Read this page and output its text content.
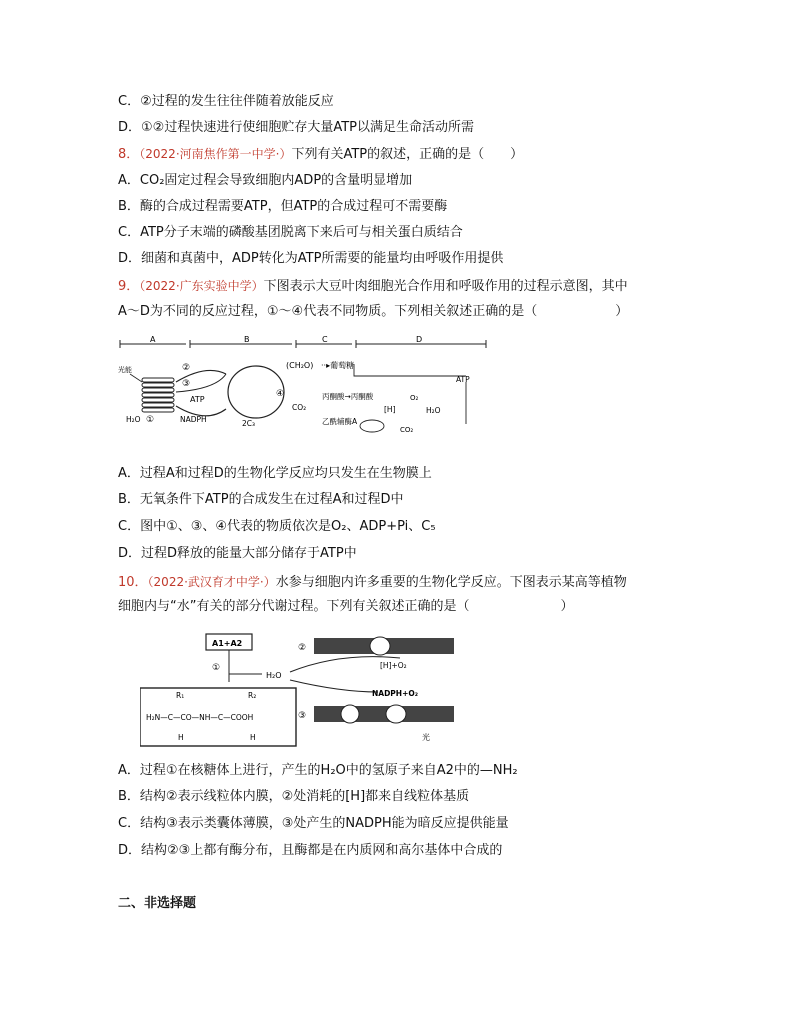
C．②过程的发生往往伴随着放能反应
D．①②过程快速进行使细胞贮存大量ATP以满足生命活动所需
8．（2022·河南焦作第一中学·）下列有关ATP的叙述，正确的是（　　）
A．CO₂固定过程会导致细胞内ADP的含量明显增加
B．酶的合成过程需要ATP，但ATP的合成过程可不需要酶
C．ATP分子末端的磷酸基团脱离下来后可与相关蛋白质结合
D．细菌和真菌中，ADP转化为ATP所需要的能量均由呼吸作用提供
9．（2022·广东实验中学）下图表示大豆叶肉细胞光合作用和呼吸作用的过程示意图，其中
A～D为不同的反应过程，①～④代表不同物质。下列相关叙述正确的是（　　　　　　）
A	B	C	D
光能	②
③
ATP
NADPH
H₂O ①
④
CO₂
2C₃
(CH₂O) ··▸葡萄糖
ATP
丙酮酸→丙酮酸
[H]
O₂
H₂O
乙酰辅酶A
CO₂
A．过程A和过程D的生物化学反应均只发生在生物膜上
B．无氧条件下ATP的合成发生在过程A和过程D中
C．图中①、③、④代表的物质依次是O₂、ADP+Pi、C₅
D．过程D释放的能量大部分储存于ATP中
10．（2022·武汉育才中学·）水参与细胞内许多重要的生物化学反应。下图表示某高等植物
细胞内与“水”有关的部分代谢过程。下列有关叙述正确的是（　　　　　　　）
A1+A2
①
H₂O
②
[H]+O₂
NADPH+O₂
③
光
R₁	R₂
H₂N—C—CO—NH—C—COOH
H	H
A．过程①在核糖体上进行，产生的H₂O中的氢原子来自A2中的—NH₂
B．结构②表示线粒体内膜，②处消耗的[H]都来自线粒体基质
C．结构③表示类囊体薄膜，③处产生的NADPH能为暗反应提供能量
D．结构②③上都有酶分布，且酶都是在内质网和高尔基体中合成的
二、非选择题
